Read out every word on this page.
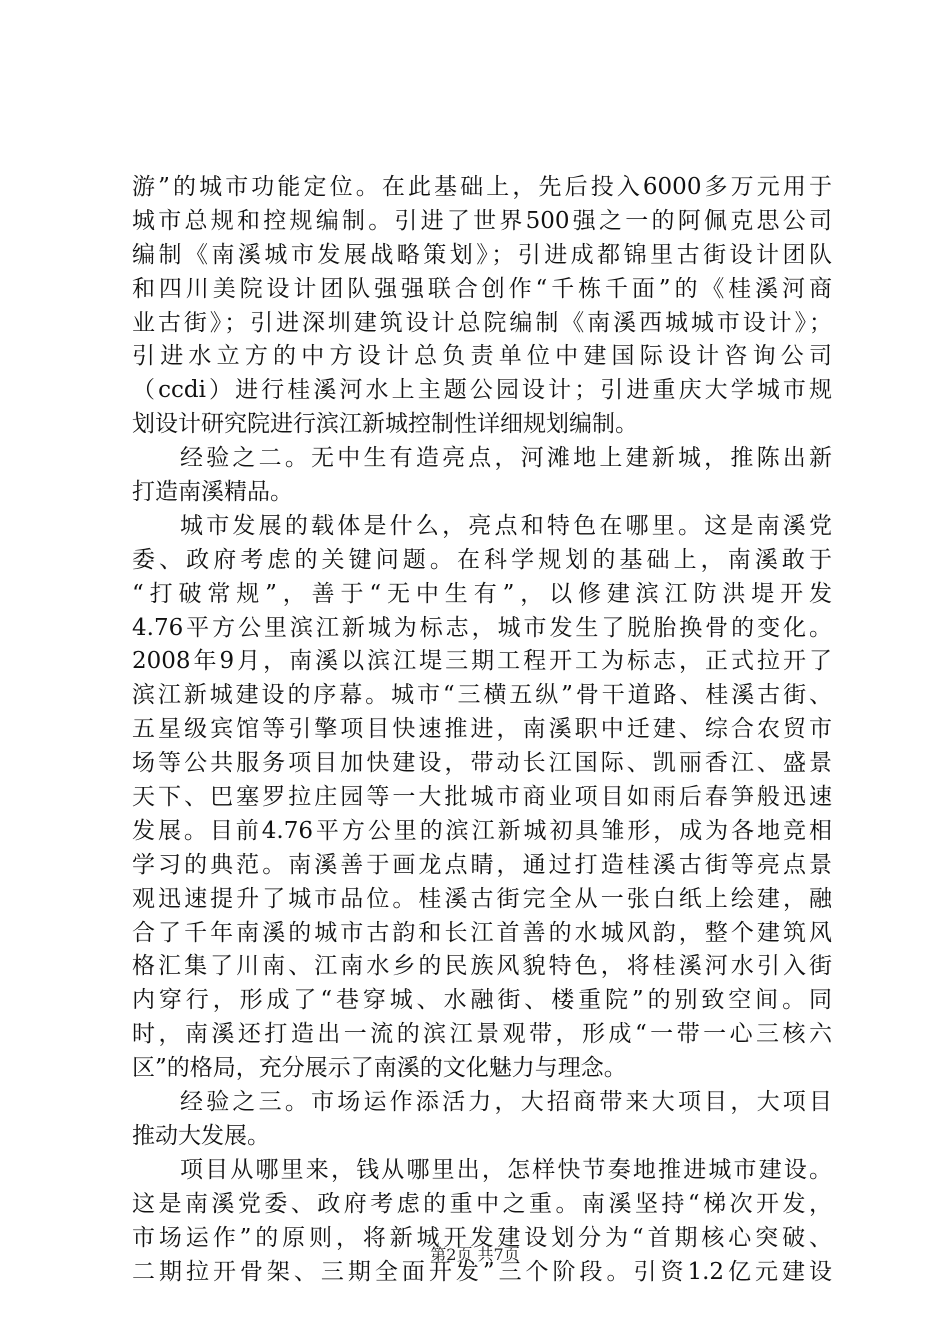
游”的城市功能定位。在此基础上，先后投入6000多万元用于
城市总规和控规编制。引进了世界500强之一的阿佩克思公司
编制《南溪城市发展战略策划》；引进成都锦里古街设计团队
和四川美院设计团队强强联合创作“千栋千面”的《桂溪河商
业古街》；引进深圳建筑设计总院编制《南溪西城城市设计》；
引进水立方的中方设计总负责单位中建国际设计咨询公司
（ccdi）进行桂溪河水上主题公园设计；引进重庆大学城市规
划设计研究院进行滨江新城控制性详细规划编制。
经验之二。无中生有造亮点，河滩地上建新城，推陈出新
打造南溪精品。
城市发展的载体是什么，亮点和特色在哪里。这是南溪党
委、政府考虑的关键问题。在科学规划的基础上，南溪敢于
“打破常规”，善于“无中生有”，以修建滨江防洪堤开发
4.76平方公里滨江新城为标志，城市发生了脱胎换骨的变化。
2008年9月，南溪以滨江堤三期工程开工为标志，正式拉开了
滨江新城建设的序幕。城市“三横五纵”骨干道路、桂溪古街、
五星级宾馆等引擎项目快速推进，南溪职中迁建、综合农贸市
场等公共服务项目加快建设，带动长江国际、凯丽香江、盛景
天下、巴塞罗拉庄园等一大批城市商业项目如雨后春笋般迅速
发展。目前4.76平方公里的滨江新城初具雏形，成为各地竞相
学习的典范。南溪善于画龙点睛，通过打造桂溪古街等亮点景
观迅速提升了城市品位。桂溪古街完全从一张白纸上绘建，融
合了千年南溪的城市古韵和长江首善的水城风韵，整个建筑风
格汇集了川南、江南水乡的民族风貌特色，将桂溪河水引入街
内穿行，形成了“巷穿城、水融街、楼重院”的别致空间。同
时，南溪还打造出一流的滨江景观带，形成“一带一心三核六
区”的格局，充分展示了南溪的文化魅力与理念。
经验之三。市场运作添活力，大招商带来大项目，大项目
推动大发展。
项目从哪里来，钱从哪里出，怎样快节奏地推进城市建设。
这是南溪党委、政府考虑的重中之重。南溪坚持“梯次开发，
市场运作”的原则，将新城开发建设划分为“首期核心突破、
二期拉开骨架、三期全面开发”三个阶段。引资1.2亿元建设
第2页 共7页
